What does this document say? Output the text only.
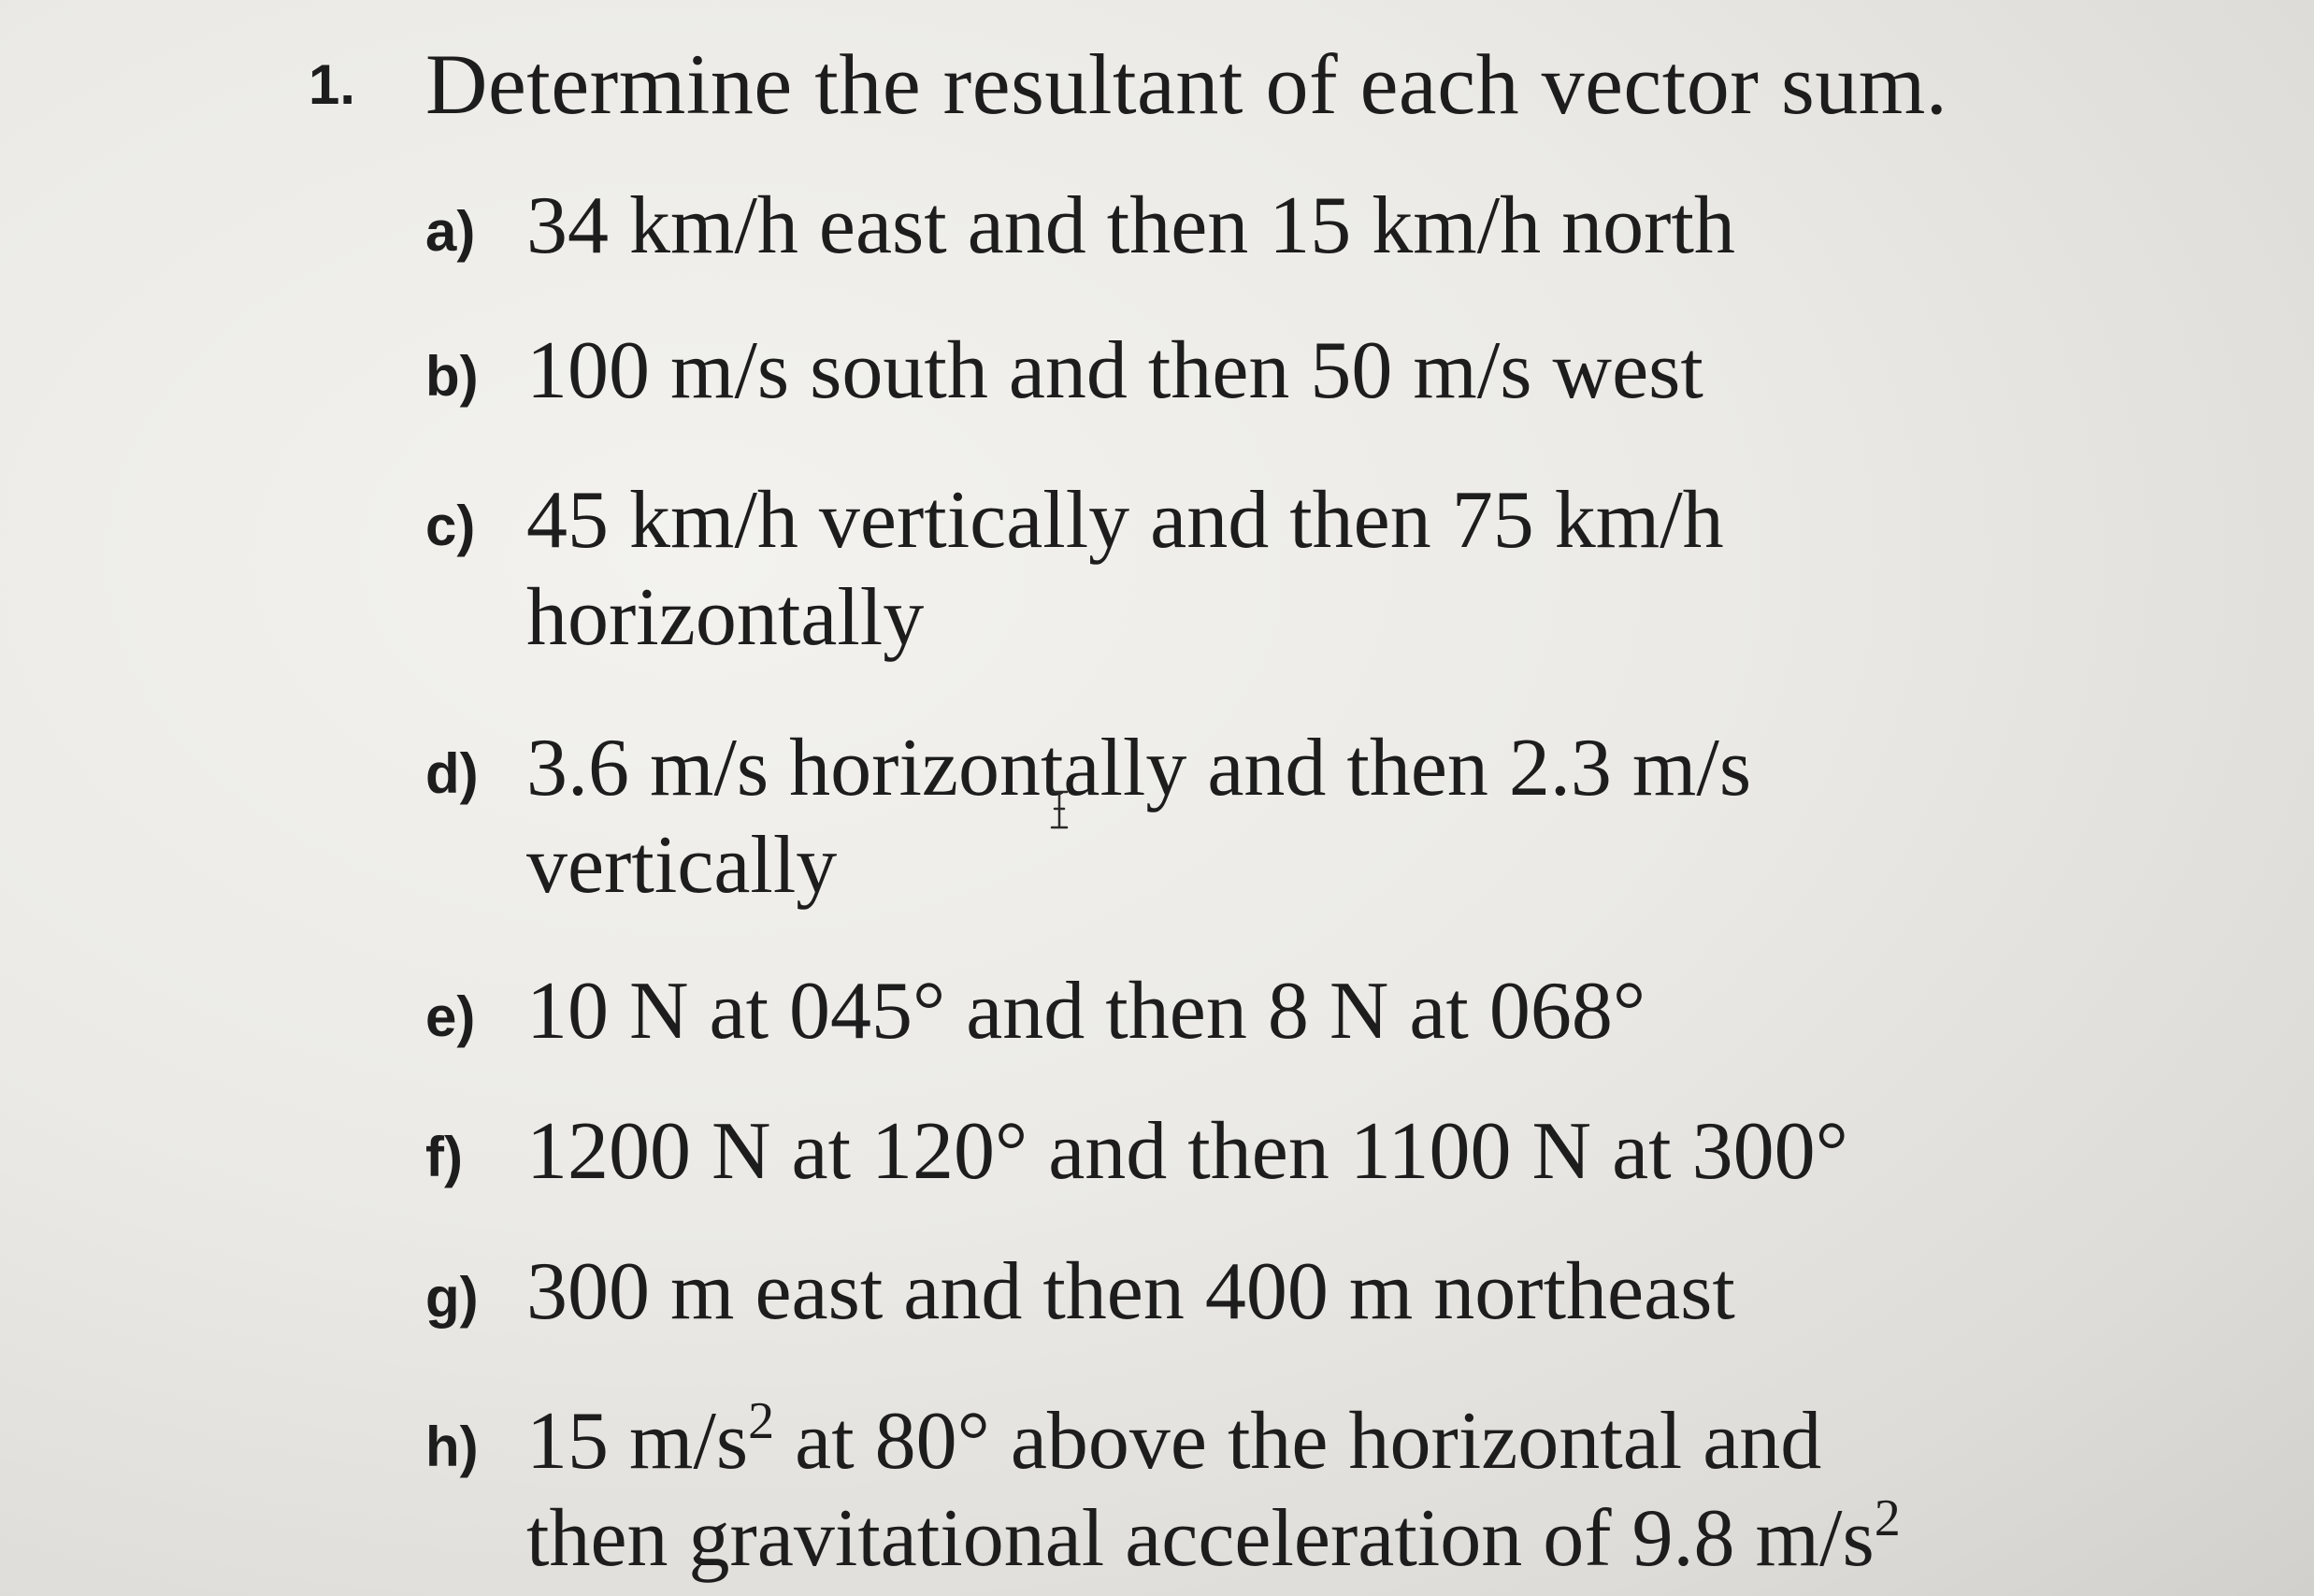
1. Determine the resultant of each vector sum.
a) 34 km/h east and then 15 km/h north
b) 100 m/s south and then 50 m/s west
c) 45 km/h vertically and then 75 km/h
horizontally
d) 3.6 m/s horizontally and then 2.3 m/s
vertically
e) 10 N at 045° and then 8 N at 068°
f) 1200 N at 120° and then 1100 N at 300°
g) 300 m east and then 400 m northeast
h) 15 $m/s^2$ at 80° above the horizontal and
then gravitational acceleration of 9.8 $m/s^2$
